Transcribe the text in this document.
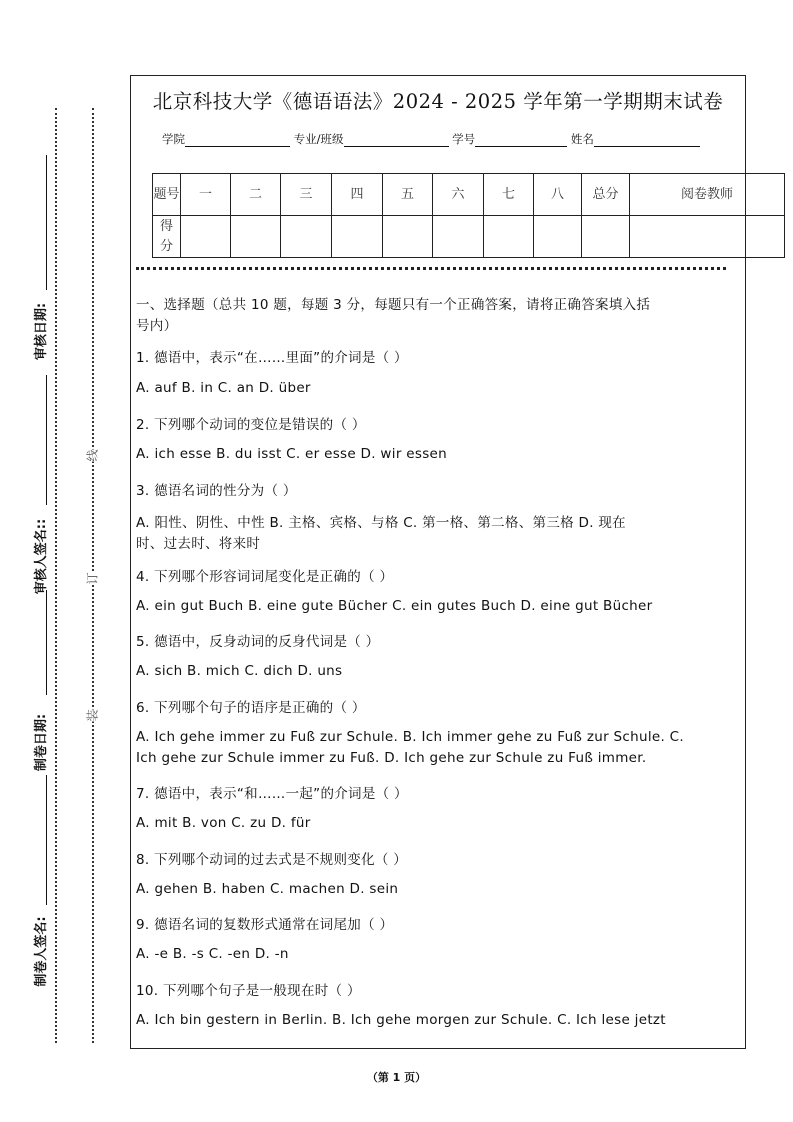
审核日期:
审核人签名::
制卷日期:
制卷人签名:
线
订
装
北京科技大学《德语语法》2024 - 2025 学年第一学期期末试卷
学院	专业/班级	学号	姓名
题号	一	二	三	四	五	六	七	八	总分	阅卷教师
得分										
一、选择题（总共 10 题，每题 3 分，每题只有一个正确答案，请将正确答案填入括
号内）
1. 德语中，表示“在……里面”的介词是（ ）
A. auf B. in C. an D. über
2. 下列哪个动词的变位是错误的（ ）
A. ich esse B. du isst C. er esse D. wir essen
3. 德语名词的性分为（ ）
A. 阳性、阴性、中性 B. 主格、宾格、与格 C. 第一格、第二格、第三格 D. 现在
时、过去时、将来时
4. 下列哪个形容词词尾变化是正确的（ ）
A. ein gut Buch B. eine gute Bücher C. ein gutes Buch D. eine gut Bücher
5. 德语中，反身动词的反身代词是（ ）
A. sich B. mich C. dich D. uns
6. 下列哪个句子的语序是正确的（ ）
A. Ich gehe immer zu Fuß zur Schule. B. Ich immer gehe zu Fuß zur Schule. C.
Ich gehe zur Schule immer zu Fuß. D. Ich gehe zur Schule zu Fuß immer.
7. 德语中，表示“和……一起”的介词是（ ）
A. mit B. von C. zu D. für
8. 下列哪个动词的过去式是不规则变化（ ）
A. gehen B. haben C. machen D. sein
9. 德语名词的复数形式通常在词尾加（ ）
A. -e B. -s C. -en D. -n
10. 下列哪个句子是一般现在时（ ）
A. Ich bin gestern in Berlin. B. Ich gehe morgen zur Schule. C. Ich lese jetzt
（第 1 页）
